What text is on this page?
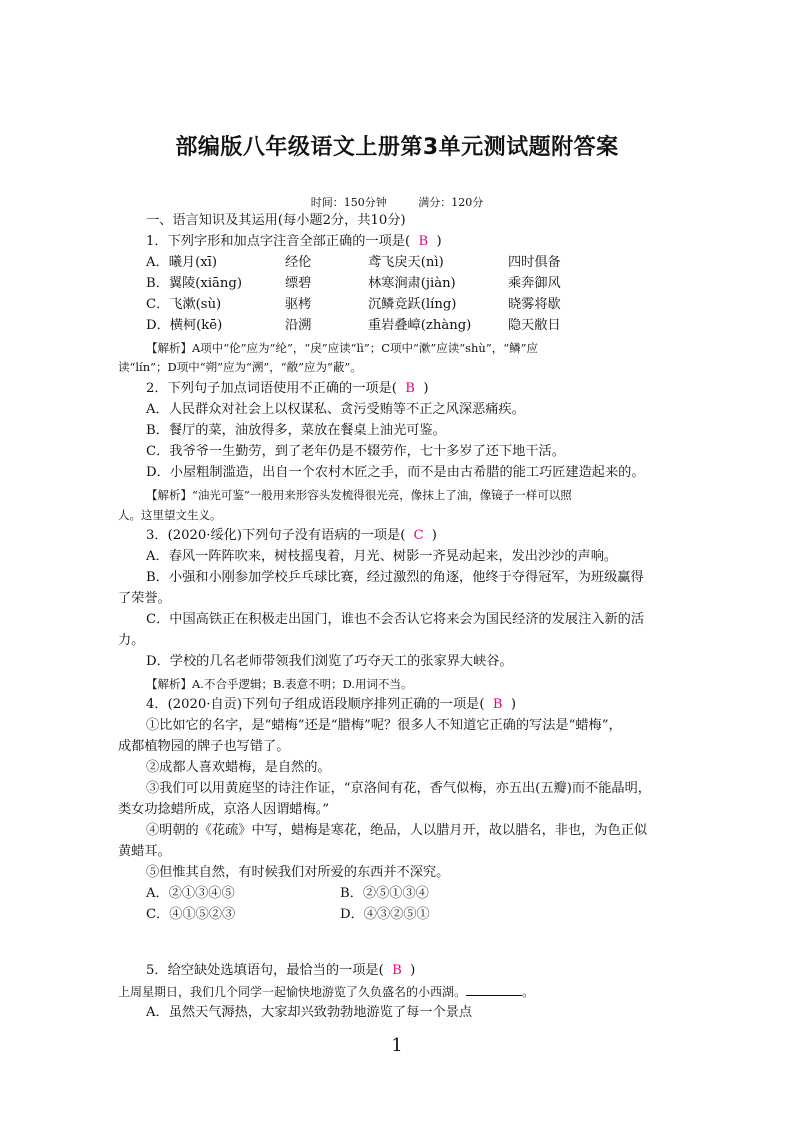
部编版八年级语文上册第3单元测试题附答案
时间：150分钟	满分：120分
一、语言知识及其运用(每小题2分，共10分)
1．下列字形和加点字注音全部正确的一项是( B )
A．曦月(xī)	经伦	鸢飞戾天(nì)	四时俱备
B．翼陵(xiāng)	缥碧	林寒涧肃(jiàn)	乘奔御风
C．飞漱(sù)	驱栲	沉鳞竞跃(líng)	晓雾将歇
D．横柯(kē)	沿溯	重岩叠嶂(zhàng)	隐天敝日
【解析】A项中“伦”应为“纶”，“戾”应读“lì”；C项中“漱”应读“shù”，“鳞”应
读“lín”；D项中“朔”应为“溯”，“敝”应为“蔽”。
2．下列句子加点词语使用不正确的一项是( B )
A．人民群众对社会上以权谋私、贪污受贿等不正之风深恶痛疾。
B．餐厅的菜，油放得多，菜放在餐桌上油光可鉴。
C．我爷爷一生勤劳，到了老年仍是不辍劳作，七十多岁了还下地干活。
D．小屋粗制滥造，出自一个农村木匠之手，而不是由古希腊的能工巧匠建造起来的。
【解析】“油光可鉴”一般用来形容头发梳得很光亮，像抹上了油，像镜子一样可以照
人。这里望文生义。
3．(2020·绥化)下列句子没有语病的一项是( C )
A．春风一阵阵吹来，树枝摇曳着，月光、树影一齐晃动起来，发出沙沙的声响。
B．小强和小刚参加学校乒乓球比赛，经过激烈的角逐，他终于夺得冠军，为班级赢得
了荣誉。
C．中国高铁正在积极走出国门，谁也不会否认它将来会为国民经济的发展注入新的活
力。
D．学校的几名老师带领我们浏览了巧夺天工的张家界大峡谷。
【解析】A.不合乎逻辑；B.表意不明；D.用词不当。
4．(2020·自贡)下列句子组成语段顺序排列正确的一项是( B )
①比如它的名字，是“蜡梅”还是“腊梅”呢？很多人不知道它正确的写法是“蜡梅”，
成都植物园的牌子也写错了。
②成都人喜欢蜡梅，是自然的。
③我们可以用黄庭坚的诗注作证，“京洛间有花，香气似梅，亦五出(五瓣)而不能晶明，
类女功捻蜡所成，京洛人因谓蜡梅。”
④明朝的《花疏》中写，蜡梅是寒花，绝品，人以腊月开，故以腊名，非也，为色正似
黄蜡耳。
⑤但惟其自然，有时候我们对所爱的东西并不深究。
A．②①③④⑤	B．②⑤①③④
C．④①⑤②③	D．④③②⑤①
5．给空缺处选填语句，最恰当的一项是( B )
上周星期日，我们几个同学一起愉快地游览了久负盛名的小西湖。	。
A．虽然天气溽热，大家却兴致勃勃地游览了每一个景点
1
